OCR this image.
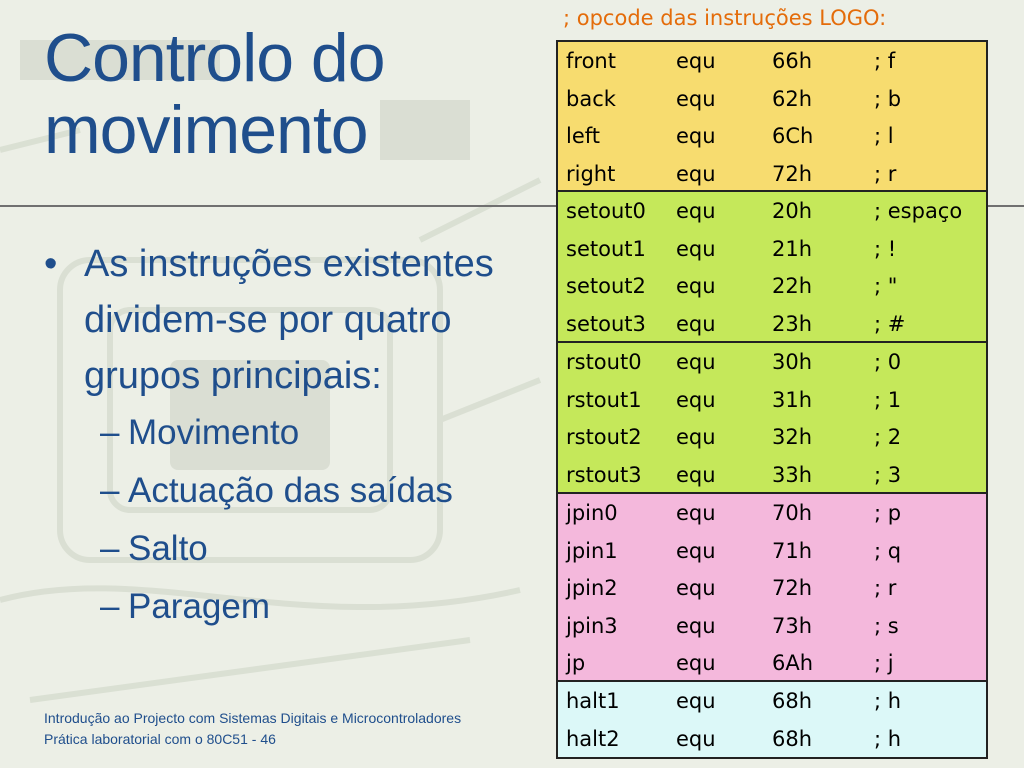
Controlo do
movimento
• As instruções existentes dividem-se por quatro grupos principais:
– Movimento
– Actuação das saídas
– Salto
– Paragem
; opcode das instruções LOGO:
front	equ	66h	; f
back	equ	62h	; b
left	equ	6Ch	; l
right	equ	72h	; r
setout0 equ	20h	; espaço
setout1 equ	21h	; !
setout2 equ	22h	; "
setout3 equ	23h	; #
rstout0 equ	30h	; 0
rstout1 equ	31h	; 1
rstout2 equ	32h	; 2
rstout3 equ	33h	; 3
jpin0	equ	70h	; p
jpin1	equ	71h	; q
jpin2	equ	72h	; r
jpin3	equ	73h	; s
jp	equ	6Ah	; j
halt1	equ	68h	; h
halt2	equ	68h	; h
Introdução ao Projecto com Sistemas Digitais e Microcontroladores
Prática laboratorial com o 80C51 - 46
